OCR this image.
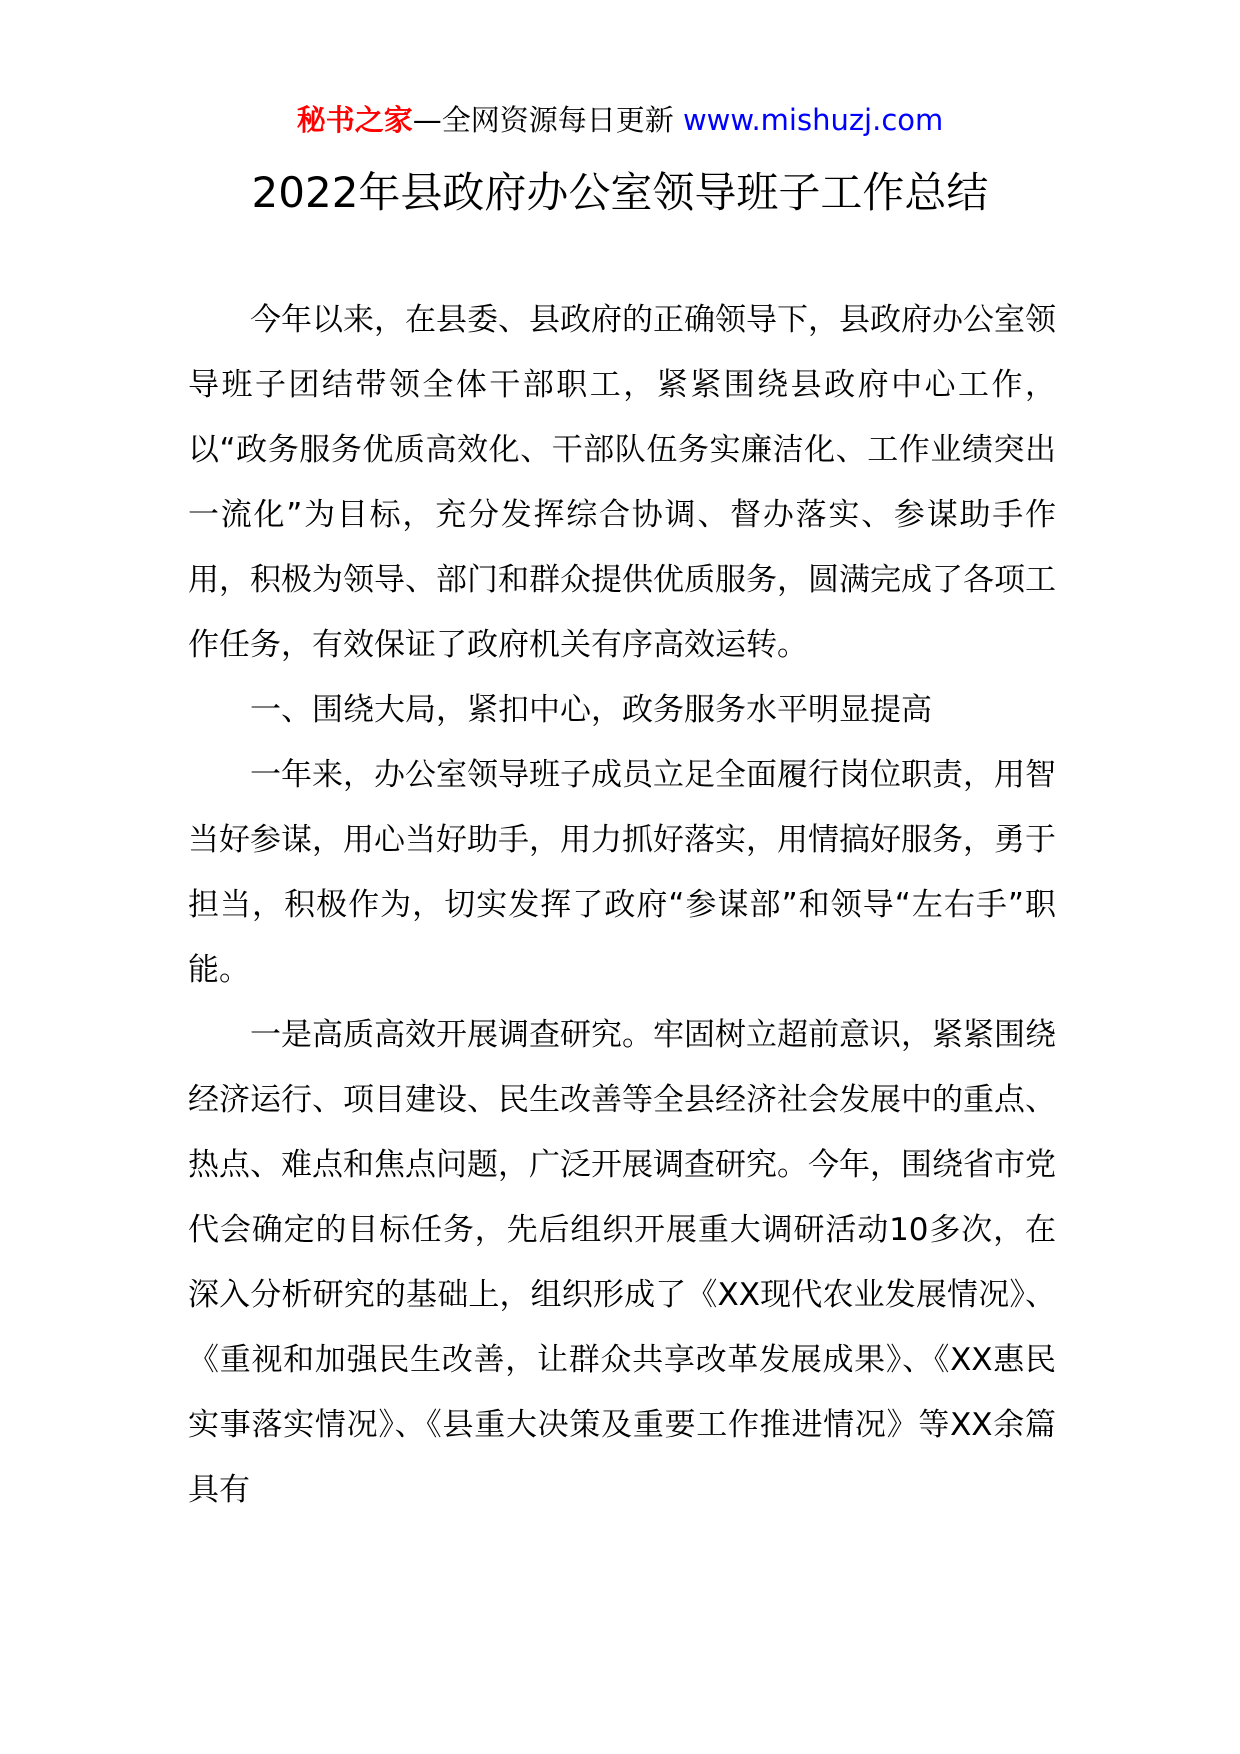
秘书之家—全网资源每日更新 www.mishuzj.com
2022年县政府办公室领导班子工作总结

今年以来，在县委、县政府的正确领导下，县政府办公室领导班子团结带领全体干部职工，紧紧围绕县政府中心工作，以“政务服务优质高效化、干部队伍务实廉洁化、工作业绩突出一流化”为目标，充分发挥综合协调、督办落实、参谋助手作用，积极为领导、部门和群众提供优质服务，圆满完成了各项工作任务，有效保证了政府机关有序高效运转。

一、围绕大局，紧扣中心，政务服务水平明显提高

一年来，办公室领导班子成员立足全面履行岗位职责，用智当好参谋，用心当好助手，用力抓好落实，用情搞好服务，勇于担当，积极作为，切实发挥了政府“参谋部”和领导“左右手”职能。

一是高质高效开展调查研究。牢固树立超前意识，紧紧围绕经济运行、项目建设、民生改善等全县经济社会发展中的重点、热点、难点和焦点问题，广泛开展调查研究。今年，围绕省市党代会确定的目标任务，先后组织开展重大调研活动10多次，在深入分析研究的基础上，组织形成了《XX现代农业发展情况》、《重视和加强民生改善，让群众共享改革发展成果》、《XX惠民实事落实情况》、《县重大决策及重要工作推进情况》等XX余篇具有
